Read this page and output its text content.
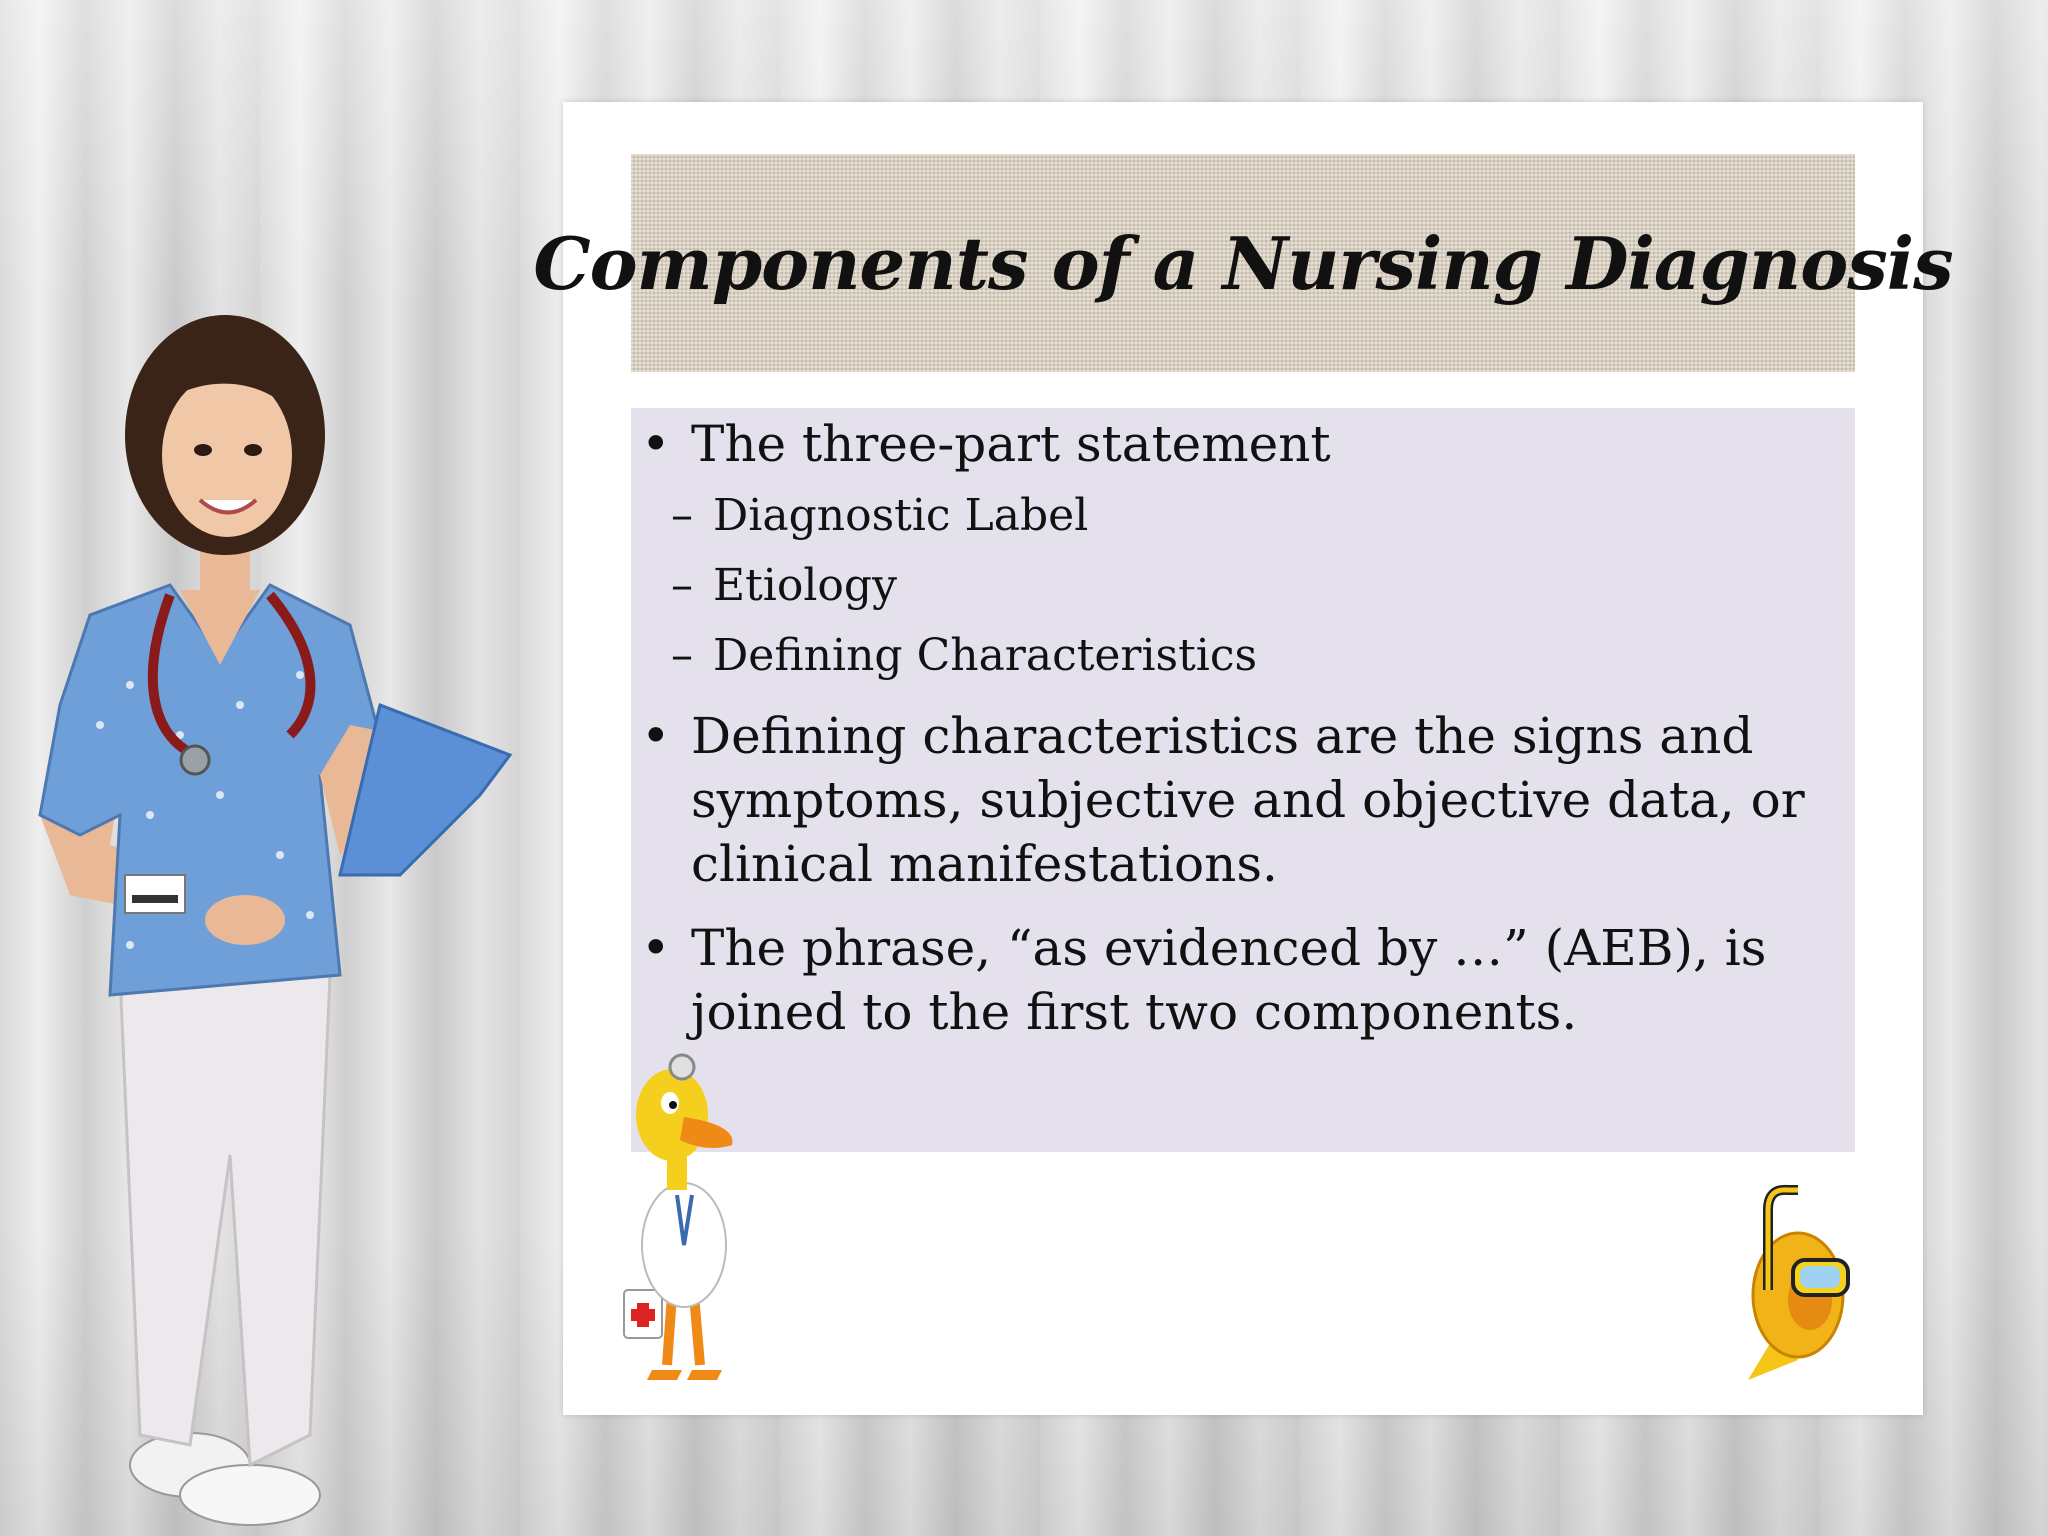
Components of a Nursing Diagnosis
• The three-part statement
– Diagnostic Label
– Etiology
– Defining Characteristics
• Defining characteristics are the signs and symptoms, subjective and objective data, or clinical manifestations.
• The phrase, “as evidenced by …” (AEB), is joined to the first two components.
